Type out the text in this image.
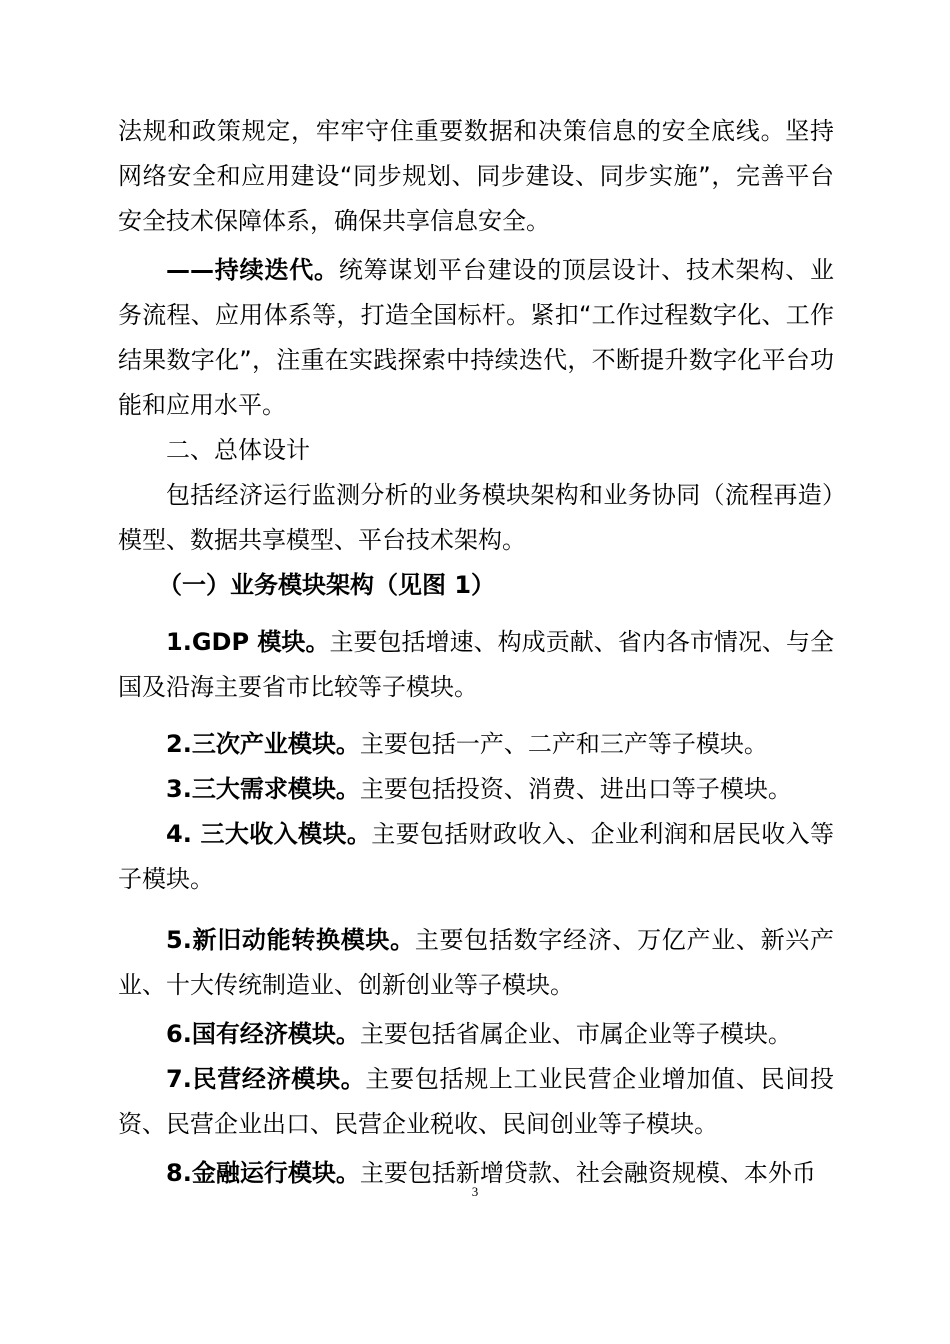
法规和政策规定，牢牢守住重要数据和决策信息的安全底线。坚持网络安全和应用建设“同步规划、同步建设、同步实施”，完善平台安全技术保障体系，确保共享信息安全。

——持续迭代。统筹谋划平台建设的顶层设计、技术架构、业务流程、应用体系等，打造全国标杆。紧扣“工作过程数字化、工作结果数字化”，注重在实践探索中持续迭代，不断提升数字化平台功能和应用水平。

二、总体设计

包括经济运行监测分析的业务模块架构和业务协同（流程再造）模型、数据共享模型、平台技术架构。

（一）业务模块架构（见图 1）

1.GDP 模块。主要包括增速、构成贡献、省内各市情况、与全国及沿海主要省市比较等子模块。

2.三次产业模块。主要包括一产、二产和三产等子模块。

3.三大需求模块。主要包括投资、消费、进出口等子模块。

4. 三大收入模块。主要包括财政收入、企业利润和居民收入等子模块。

5.新旧动能转换模块。主要包括数字经济、万亿产业、新兴产业、十大传统制造业、创新创业等子模块。

6.国有经济模块。主要包括省属企业、市属企业等子模块。

7.民营经济模块。主要包括规上工业民营企业增加值、民间投资、民营企业出口、民营企业税收、民间创业等子模块。

8.金融运行模块。主要包括新增贷款、社会融资规模、本外币

3
